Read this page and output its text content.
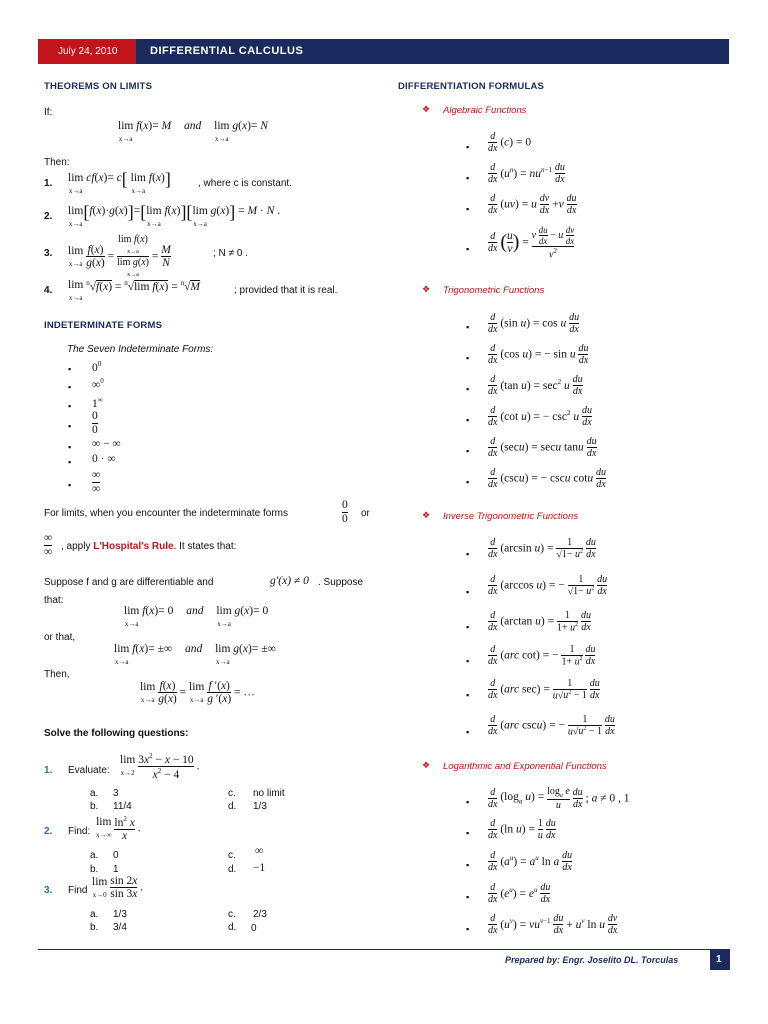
July 24, 2010	DIFFERENTIAL CALCULUS
THEOREMS ON LIMITS
If:
lim
x→a f(x)= M and lim
x→a g(x)= N
Then:
1. lim
x→a cf(x)= c[ lim
x→a f(x)]	, where c is constant.
2. lim
x→a[f(x)·g(x)]=[lim
x→a f(x)][lim
x→a g(x)] = M · N .
3. lim
x→a f(x)

g(x)
= lim f(x)
x→a
lim g(x)
$x\to a = \frac{M}{N}$	; N ≠ 0 .
4. lim
x→a $^n$√f(x) = $^n$√lim f(x) = $^n$√M	; provided that it is real.
INDETERMINATE FORMS
The Seven Indeterminate Forms:
▪ $0^0$
▪ ∞$^0$
▪ 1∞
▪
0

0
▪ ∞ − ∞
▪ 0 · ∞
▪
∞

∞
For limits, when you encounter the indeterminate forms
0

0 or
∞

∞ , apply L'Hospital's Rule. It states that:
Suppose f and g are differentiable and	g′(x) ≠ 0 . Suppose
that:
lim
x→a f(x)= 0 and lim
x→a g(x)= 0
or that,
lim
x→a f(x)= ±∞ and lim
x→a g(x)= ±∞
Then,
lim
x→a f(x)

g(x)
= lim
x→a f ′(x)

g ′(x)
= …
Solve the following questions:
1. Evaluate:
lim
x→2 $3x^2 - x - 10$

$x^2 - 4$
.
a. 3
b. 11/4
c. no limit
d. 1/3
2. Find:
lim
x→∞ $\ln^2 x$

x
.
a. 0
b. 1
c. ∞
d. −1
3. Find
lim
x→0 sin 2x

sin 3x
.
a. 1/3
b. 3/4
c. 2/3
d. 0
DIFFERENTIATION FORMULAS
❖ Algebraic Functions
▪ $\frac{d}{dx} (c) = 0$
▪ $\frac{d}{dx} (u^n) = nu^{n-1} \frac{du}{dx}$
▪ $\frac{d}{dx} (uv) = u \frac{dv}{dx} +v \frac{du}{dx}$
▪ $\frac{d}{dx} (\frac{u}{v}$ ) = v $\frac{du}{dx} - u \frac{dv}{dx}$
$v^2$
❖ Trigonometric Functions
▪ $\frac{d}{dx} (\sin$ u) = cos u $\frac{du}{dx}$
▪ $\frac{d}{dx} (\cos$ u) = − sin u $\frac{du}{dx}$
▪ $\frac{d}{dx} (\tan$ $u) = \sec^2 u \frac{du}{dx}$
▪ $\frac{d}{dx} (\cot$ u) = − $\csc^2 u \frac{du}{dx}$
▪ $\frac{d}{dx} (\sec u) = \sec u$ tanu $\frac{du}{dx}$
▪ $\frac{d}{dx} (\csc u)$ = − cscu cotu $\frac{du}{dx}$
❖ Inverse Trigonometric Functions
▪ $\frac{d}{dx} (\arcsin$ u) = 1

$√1- u^2 \frac{du}{dx}$
▪ $\frac{d}{dx} (\arccos$ u) = − 1

$√1- u^2 \frac{du}{dx}$
▪ $\frac{d}{dx} (\arctan$ u) = 1

$1+ u^2 \frac{du}{dx}$
▪ $\frac{d}{dx} (arc$ cot) = − 1

$1+ u^2 \frac{du}{dx}$
▪ $\frac{d}{dx} (arc$ sec) = 1

$u√u^2 - 1 \frac{du}{dx}$
▪ $\frac{d}{dx} (arc$ cscu) = − 1

$u√u^2 - 1 \frac{du}{dx}$
❖ Logarithmic and Exponential Functions
▪ $\frac{d}{dx} (\log_a$ $u) = \log_a e$

u	$\frac{du}{dx}$ ; a ≠ 0 , 1
▪ $\frac{d}{dx} (\ln$ u) = 1

u $\frac{du}{dx}$
▪ $\frac{d}{dx} (a^u) = a^u$ ln a $\frac{du}{dx}$
▪ $\frac{d}{dx} (e^u) = e^u \frac{du}{dx}$
▪ $\frac{d}{dx} (u^v) = vu^{v-1} \frac{du}{dx} + u^v$ ln u $\frac{dv}{dx}$
Prepared by: Engr. Joselito DL. Torculas	1
